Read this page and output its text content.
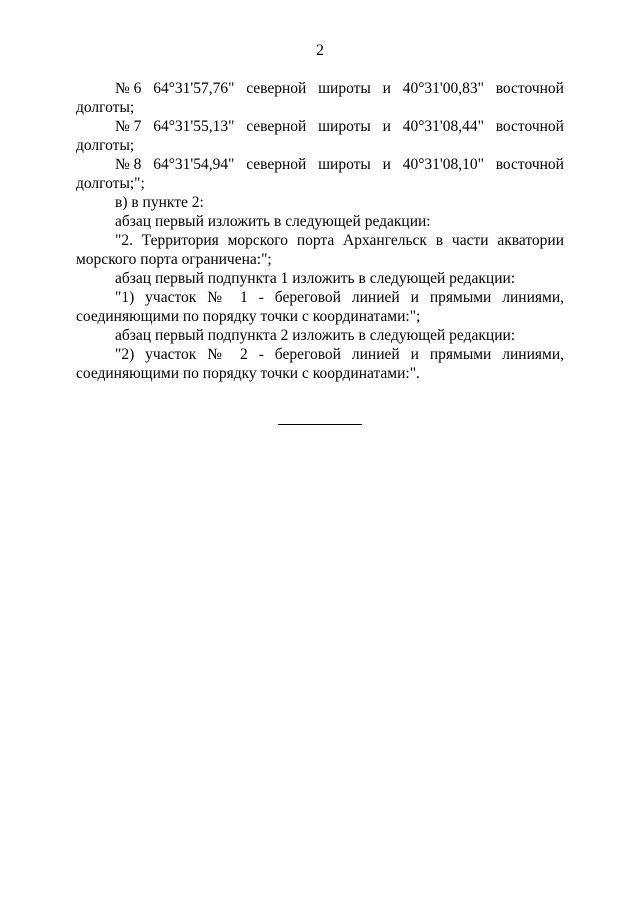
2
№ 6 64°31'57,76" северной широты и 40°31'00,83" восточной

долготы;

№ 7 64°31'55,13" северной широты и 40°31'08,44" восточной

долготы;

№ 8 64°31'54,94" северной широты и 40°31'08,10" восточной

долготы;";

в) в пункте 2:

абзац первый изложить в следующей редакции:

"2. Территория морского порта Архангельск в части акватории морского порта ограничена:";

абзац первый подпункта 1 изложить в следующей редакции:

"1) участок № 1 - береговой линией и прямыми линиями, соединяющими по порядку точки с координатами:";

абзац первый подпункта 2 изложить в следующей редакции:

"2) участок № 2 - береговой линией и прямыми линиями, соединяющими по порядку точки с координатами:".
